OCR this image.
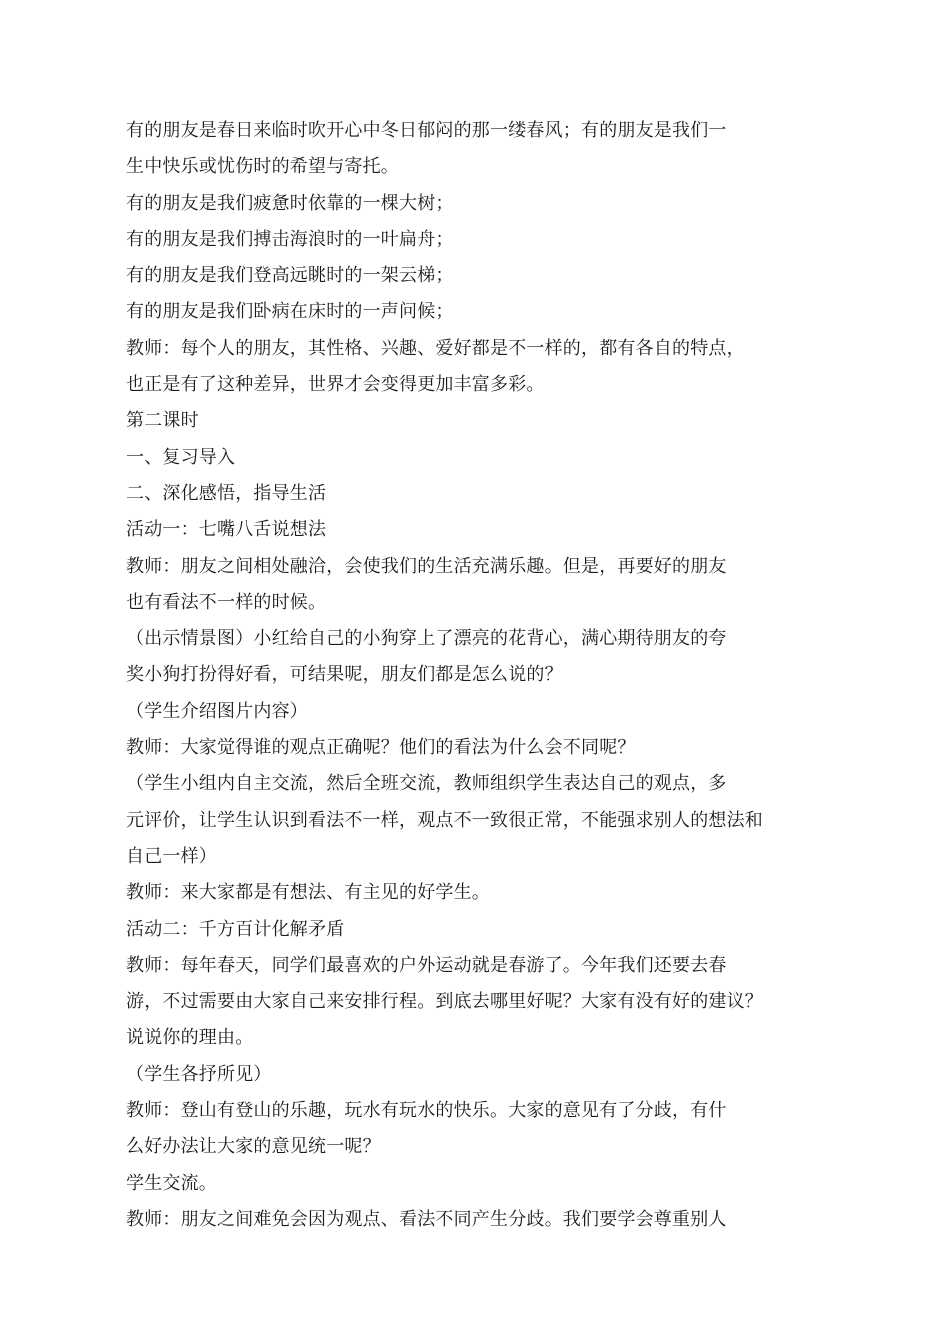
有的朋友是春日来临时吹开心中冬日郁闷的那一缕春风；有的朋友是我们一
生中快乐或忧伤时的希望与寄托。
有的朋友是我们疲惫时依靠的一棵大树；
有的朋友是我们搏击海浪时的一叶扁舟；
有的朋友是我们登高远眺时的一架云梯；
有的朋友是我们卧病在床时的一声问候；
教师：每个人的朋友，其性格、兴趣、爱好都是不一样的，都有各自的特点，
也正是有了这种差异，世界才会变得更加丰富多彩。
第二课时
一、复习导入
二、深化感悟，指导生活
活动一：七嘴八舌说想法
教师：朋友之间相处融洽，会使我们的生活充满乐趣。但是，再要好的朋友
也有看法不一样的时候。
（出示情景图）小红给自己的小狗穿上了漂亮的花背心，满心期待朋友的夸
奖小狗打扮得好看，可结果呢，朋友们都是怎么说的？
（学生介绍图片内容）
教师：大家觉得谁的观点正确呢？他们的看法为什么会不同呢？
（学生小组内自主交流，然后全班交流，教师组织学生表达自己的观点，多
元评价，让学生认识到看法不一样，观点不一致很正常，不能强求别人的想法和
自己一样）
教师：来大家都是有想法、有主见的好学生。
活动二：千方百计化解矛盾
教师：每年春天，同学们最喜欢的户外运动就是春游了。今年我们还要去春
游，不过需要由大家自己来安排行程。到底去哪里好呢？大家有没有好的建议？
说说你的理由。
（学生各抒所见）
教师：登山有登山的乐趣，玩水有玩水的快乐。大家的意见有了分歧，有什
么好办法让大家的意见统一呢？
学生交流。
教师：朋友之间难免会因为观点、看法不同产生分歧。我们要学会尊重别人
